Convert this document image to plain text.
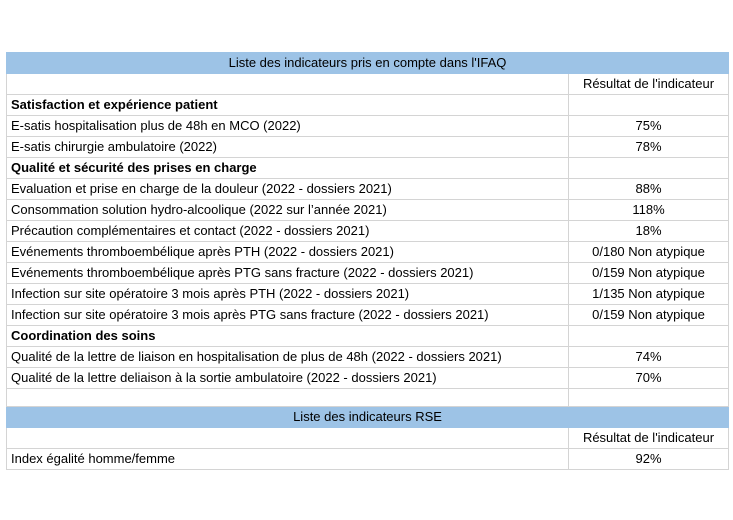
Liste des indicateurs pris en compte dans l'IFAQ	
	Résultat de l'indicateur
Satisfaction et expérience patient	
E-satis hospitalisation plus de 48h en MCO (2022)	75%
E-satis chirurgie ambulatoire (2022)	78%
Qualité et sécurité des prises en charge	
Evaluation et prise en charge de la douleur (2022 - dossiers 2021)	88%
Consommation solution hydro-alcoolique (2022 sur l’année 2021)	118%
Précaution complémentaires et contact (2022 - dossiers 2021)	18%
Evénements thromboembélique après PTH (2022 - dossiers 2021)	0/180 Non atypique
Evénements thromboembélique après PTG sans fracture (2022 - dossiers 2021)	0/159 Non atypique
Infection sur site opératoire 3 mois après PTH (2022 - dossiers 2021)	1/135 Non atypique
Infection sur site opératoire 3 mois après PTG sans fracture (2022 - dossiers 2021)	0/159 Non atypique
Coordination des soins	
Qualité de la lettre de liaison en hospitalisation de plus de 48h (2022 - dossiers 2021)	74%
Qualité de la lettre deliaison à la sortie ambulatoire (2022 - dossiers 2021)	70%

Liste des indicateurs RSE	
	Résultat de l'indicateur
Index égalité homme/femme	92%
